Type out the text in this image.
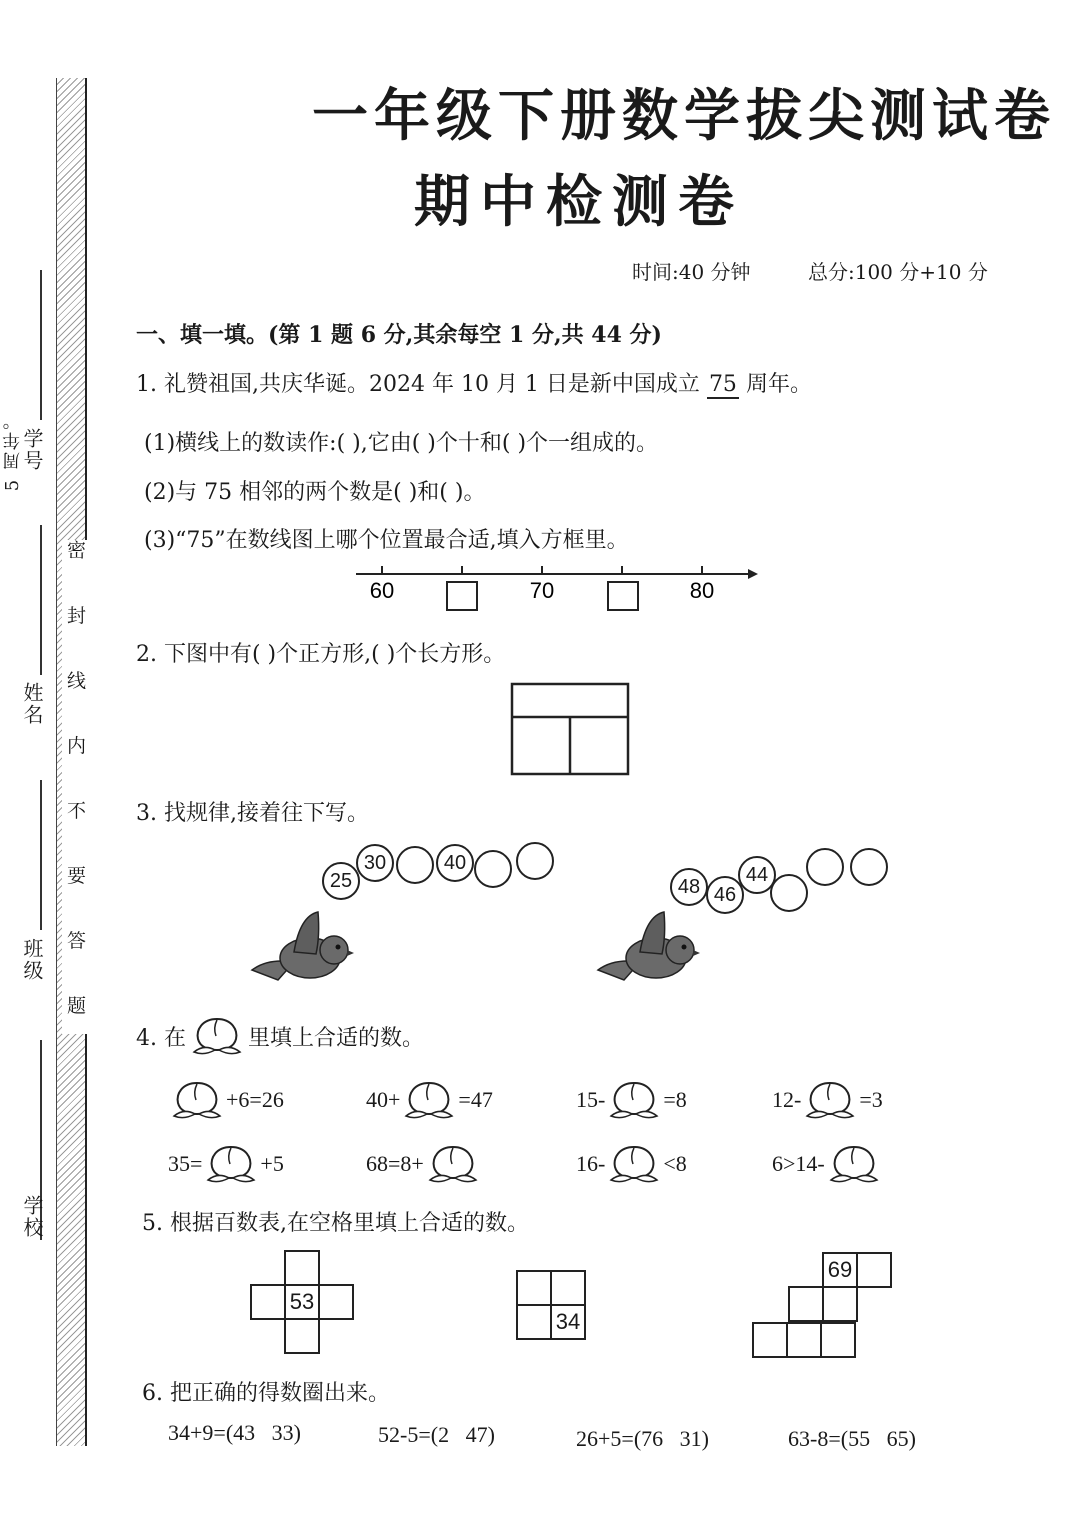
学校
班级
姓名
学号
5 周年。
密 封 线 内 不 要 答 题
一年级下册数学拔尖测试卷
期中检测卷
时间:40 分钟	总分:100 分+10 分
一、填一填。(第 1 题 6 分,其余每空 1 分,共 44 分)
1. 礼赞祖国,共庆华诞。2024 年 10 月 1 日是新中国成立 75 周年。
(1)横线上的数读作:( ),它由( )个十和( )个一组成的。
(2)与 75 相邻的两个数是( )和( )。
(3)“75”在数线图上哪个位置最合适,填入方框里。
60	70	80
2. 下图中有( )个正方形,( )个长方形。
3. 找规律,接着往下写。
25
30	40
48 46
44
4. 在	里填上合适的数。
+6=26	40+	=47	15-	=8	12-	=3
35=	+5	68=8+	16-	<8	6>14-
5. 根据百数表,在空格里填上合适的数。
53
34
69
6. 把正确的得数圈出来。
34+9=(43 33)	52-5=(2 47)	26+5=(76 31)	63-8=(55 65)
